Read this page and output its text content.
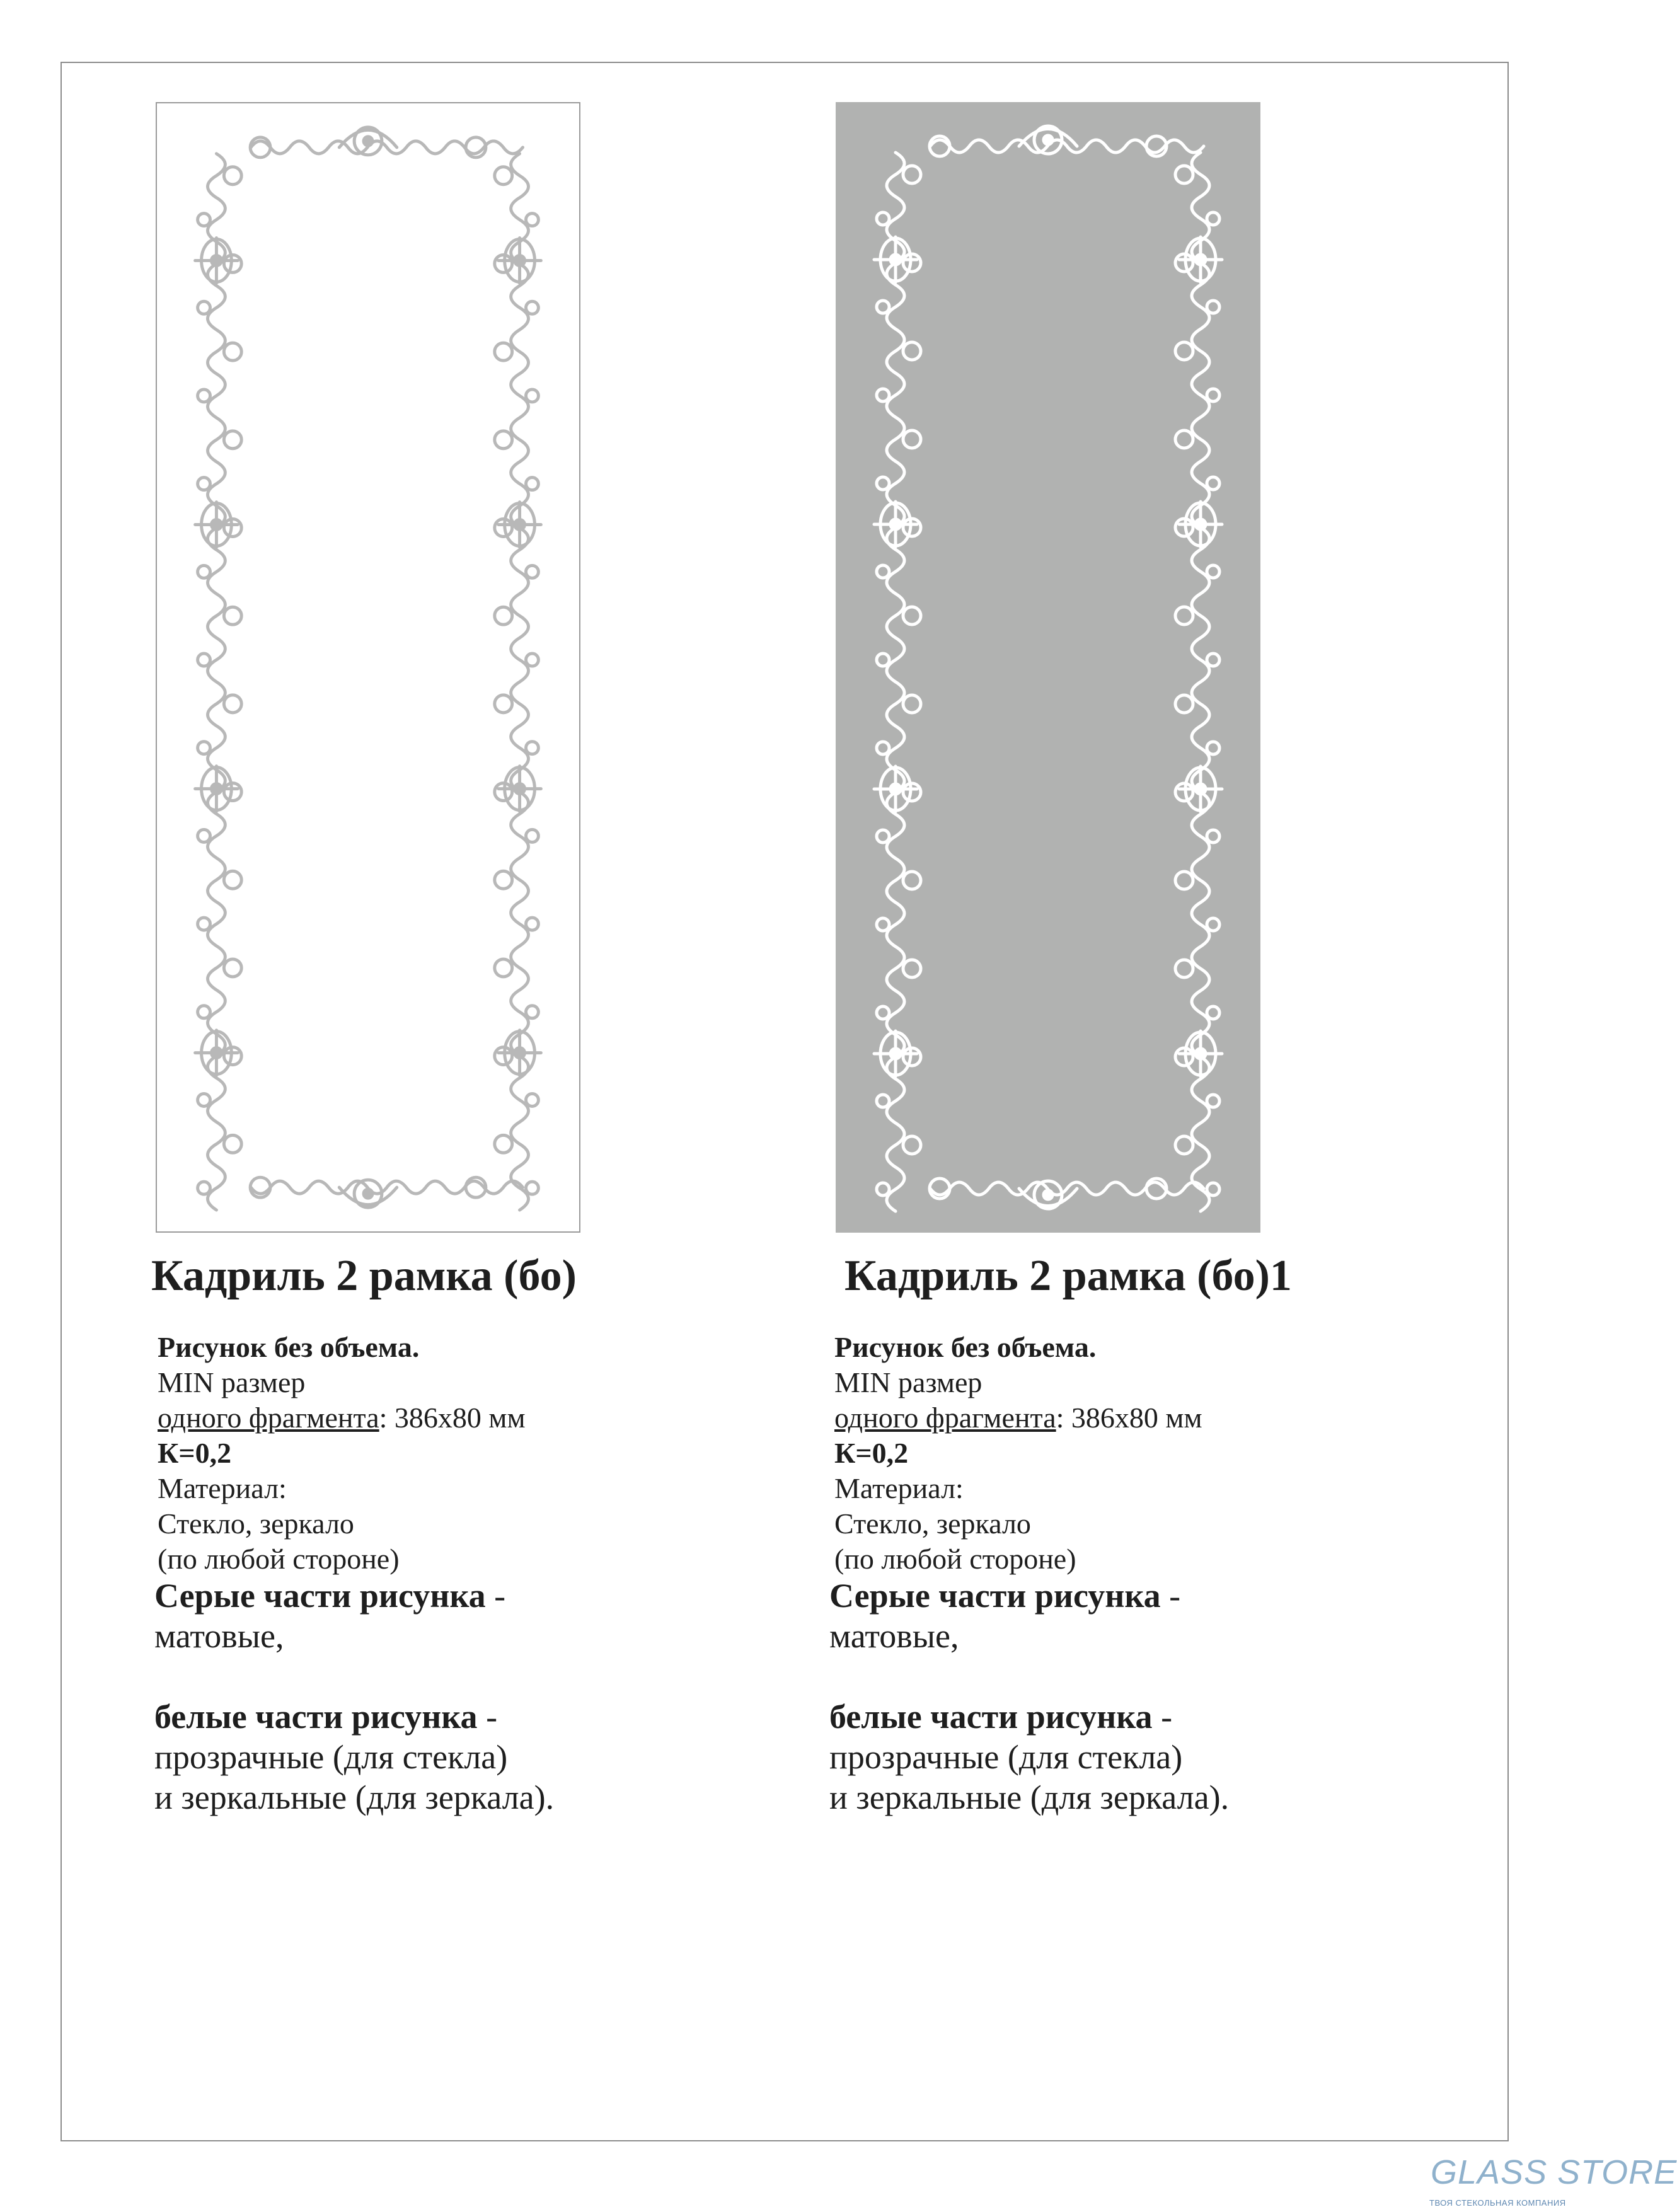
Кадриль 2 рамка (бо)
Рисунок без объема.
MIN размер
одного фрагмента: 386х80 мм
К=0,2
Материал:
Стекло, зеркало
(по любой стороне)
Серые части рисунка -
матовые,
белые части рисунка -
прозрачные (для стекла)
и зеркальные (для зеркала).
Кадриль 2 рамка (бо)1
Рисунок без объема.
MIN размер
одного фрагмента: 386х80 мм
К=0,2
Материал:
Стекло, зеркало
(по любой стороне)
Серые части рисунка -
матовые,
белые части рисунка -
прозрачные (для стекла)
и зеркальные (для зеркала).
GLASS STORE
ТВОЯ СТЕКОЛЬНАЯ КОМПАНИЯ
